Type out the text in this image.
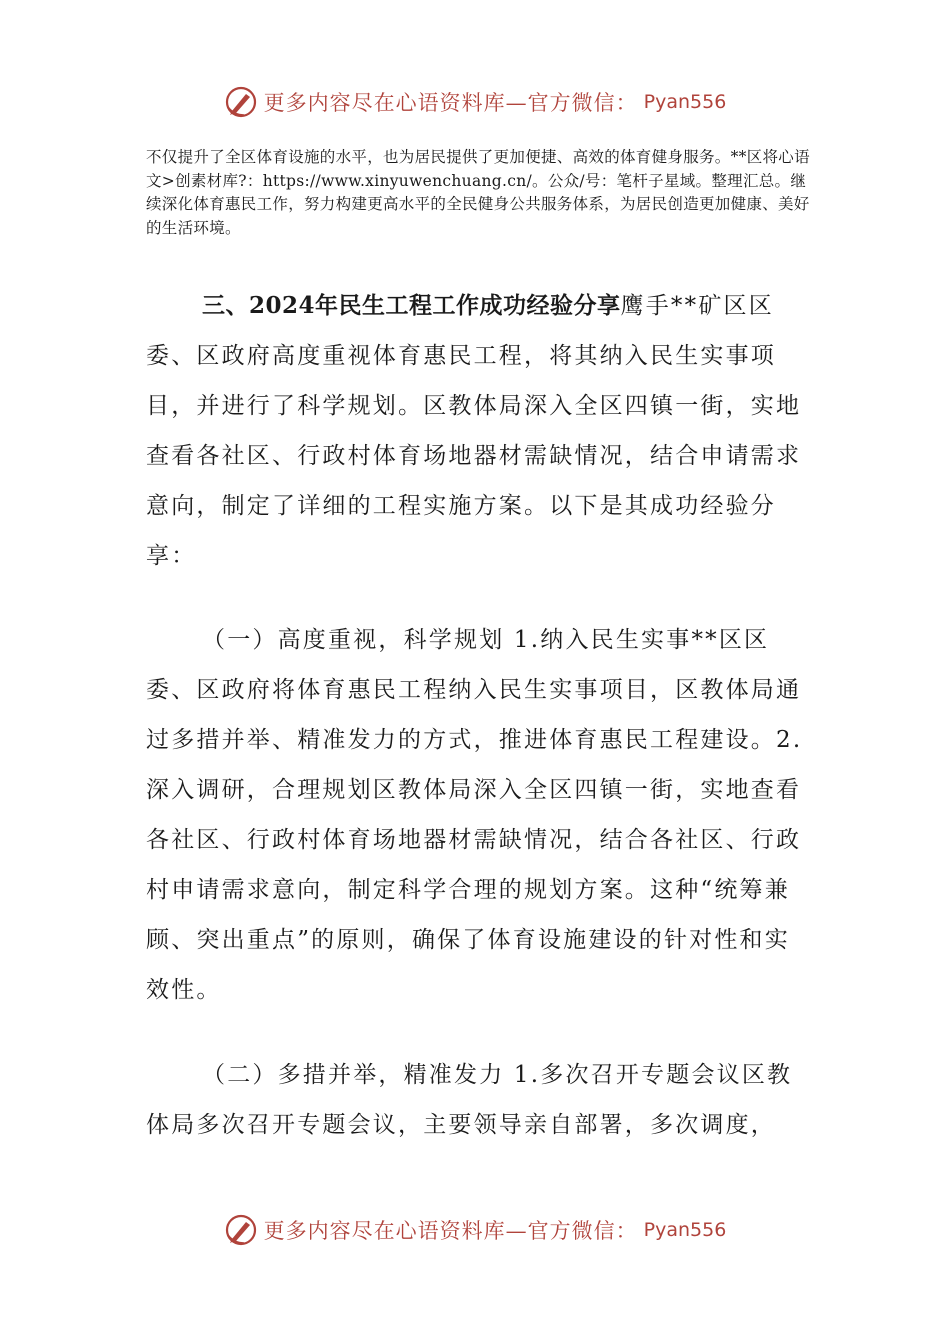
更多内容尽在心语资料库—官方微信： Pyan556

不仅提升了全区体育设施的水平，也为居民提供了更加便捷、高效的体育健身服务。**区将心语文>创素材库?：https://www.xinyuwenchuang.cn/。公众/号：笔杆子星域。整理汇总。继续深化体育惠民工作，努力构建更高水平的全民健身公共服务体系，为居民创造更加健康、美好的生活环境。

三、2024年民生工程工作成功经验分享鹰手**矿区区委、区政府高度重视体育惠民工程，将其纳入民生实事项目，并进行了科学规划。区教体局深入全区四镇一街，实地查看各社区、行政村体育场地器材需缺情况，结合申请需求意向，制定了详细的工程实施方案。以下是其成功经验分享：

（一）高度重视，科学规划 1.纳入民生实事**区区委、区政府将体育惠民工程纳入民生实事项目，区教体局通过多措并举、精准发力的方式，推进体育惠民工程建设。2.深入调研，合理规划区教体局深入全区四镇一街，实地查看各社区、行政村体育场地器材需缺情况，结合各社区、行政村申请需求意向，制定科学合理的规划方案。这种“统筹兼顾、突出重点”的原则，确保了体育设施建设的针对性和实效性。

（二）多措并举，精准发力 1.多次召开专题会议区教体局多次召开专题会议，主要领导亲自部署，多次调度，

更多内容尽在心语资料库—官方微信： Pyan556
